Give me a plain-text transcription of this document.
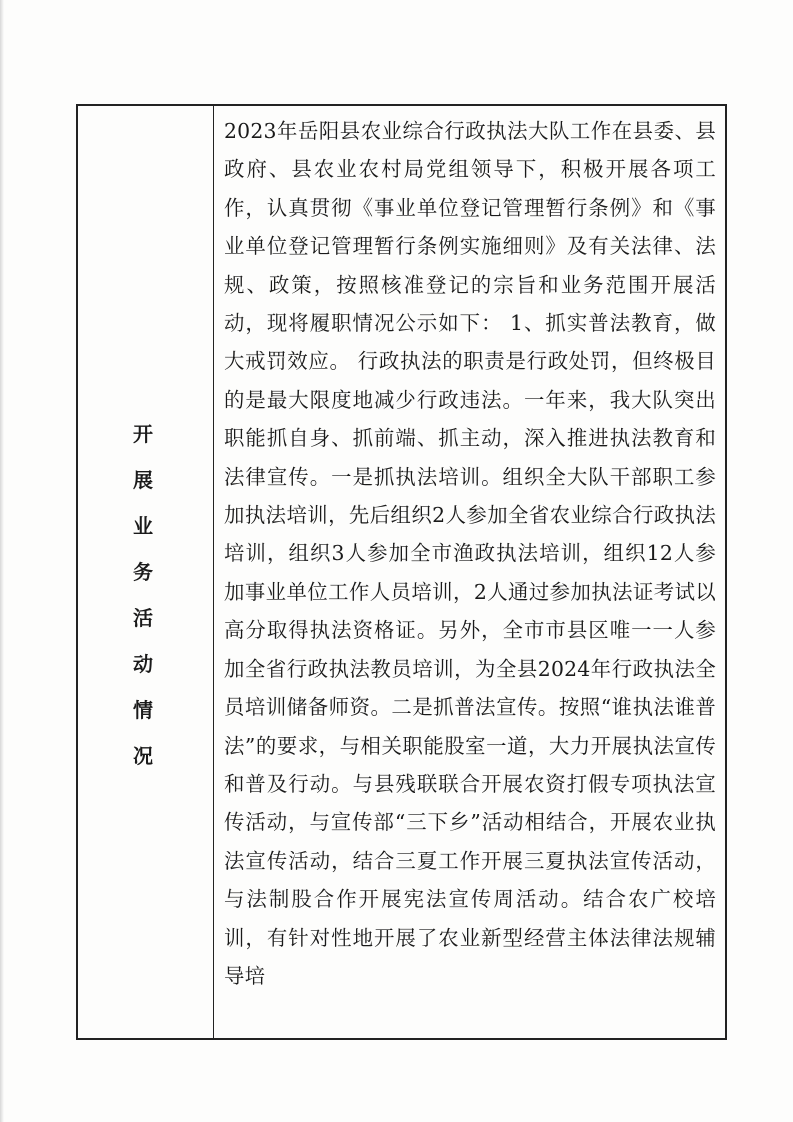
开
展
业
务
活
动
情
况

2023年岳阳县农业综合行政执法大队工作在县委、县政府、县农业农村局党组领导下，积极开展各项工作，认真贯彻《事业单位登记管理暂行条例》和《事业单位登记管理暂行条例实施细则》及有关法律、法规、政策，按照核准登记的宗旨和业务范围开展活动，现将履职情况公示如下： 1、抓实普法教育，做大戒罚效应。 行政执法的职责是行政处罚，但终极目的是最大限度地减少行政违法。一年来，我大队突出职能抓自身、抓前端、抓主动，深入推进执法教育和法律宣传。一是抓执法培训。组织全大队干部职工参加执法培训，先后组织2人参加全省农业综合行政执法培训，组织3人参加全市渔政执法培训，组织12人参加事业单位工作人员培训，2人通过参加执法证考试以高分取得执法资格证。另外，全市市县区唯一一人参加全省行政执法教员培训，为全县2024年行政执法全员培训储备师资。二是抓普法宣传。按照“谁执法谁普法”的要求，与相关职能股室一道，大力开展执法宣传和普及行动。与县残联联合开展农资打假专项执法宣传活动，与宣传部“三下乡”活动相结合，开展农业执法宣传活动，结合三夏工作开展三夏执法宣传活动，与法制股合作开展宪法宣传周活动。结合农广校培训，有针对性地开展了农业新型经营主体法律法规辅导培
